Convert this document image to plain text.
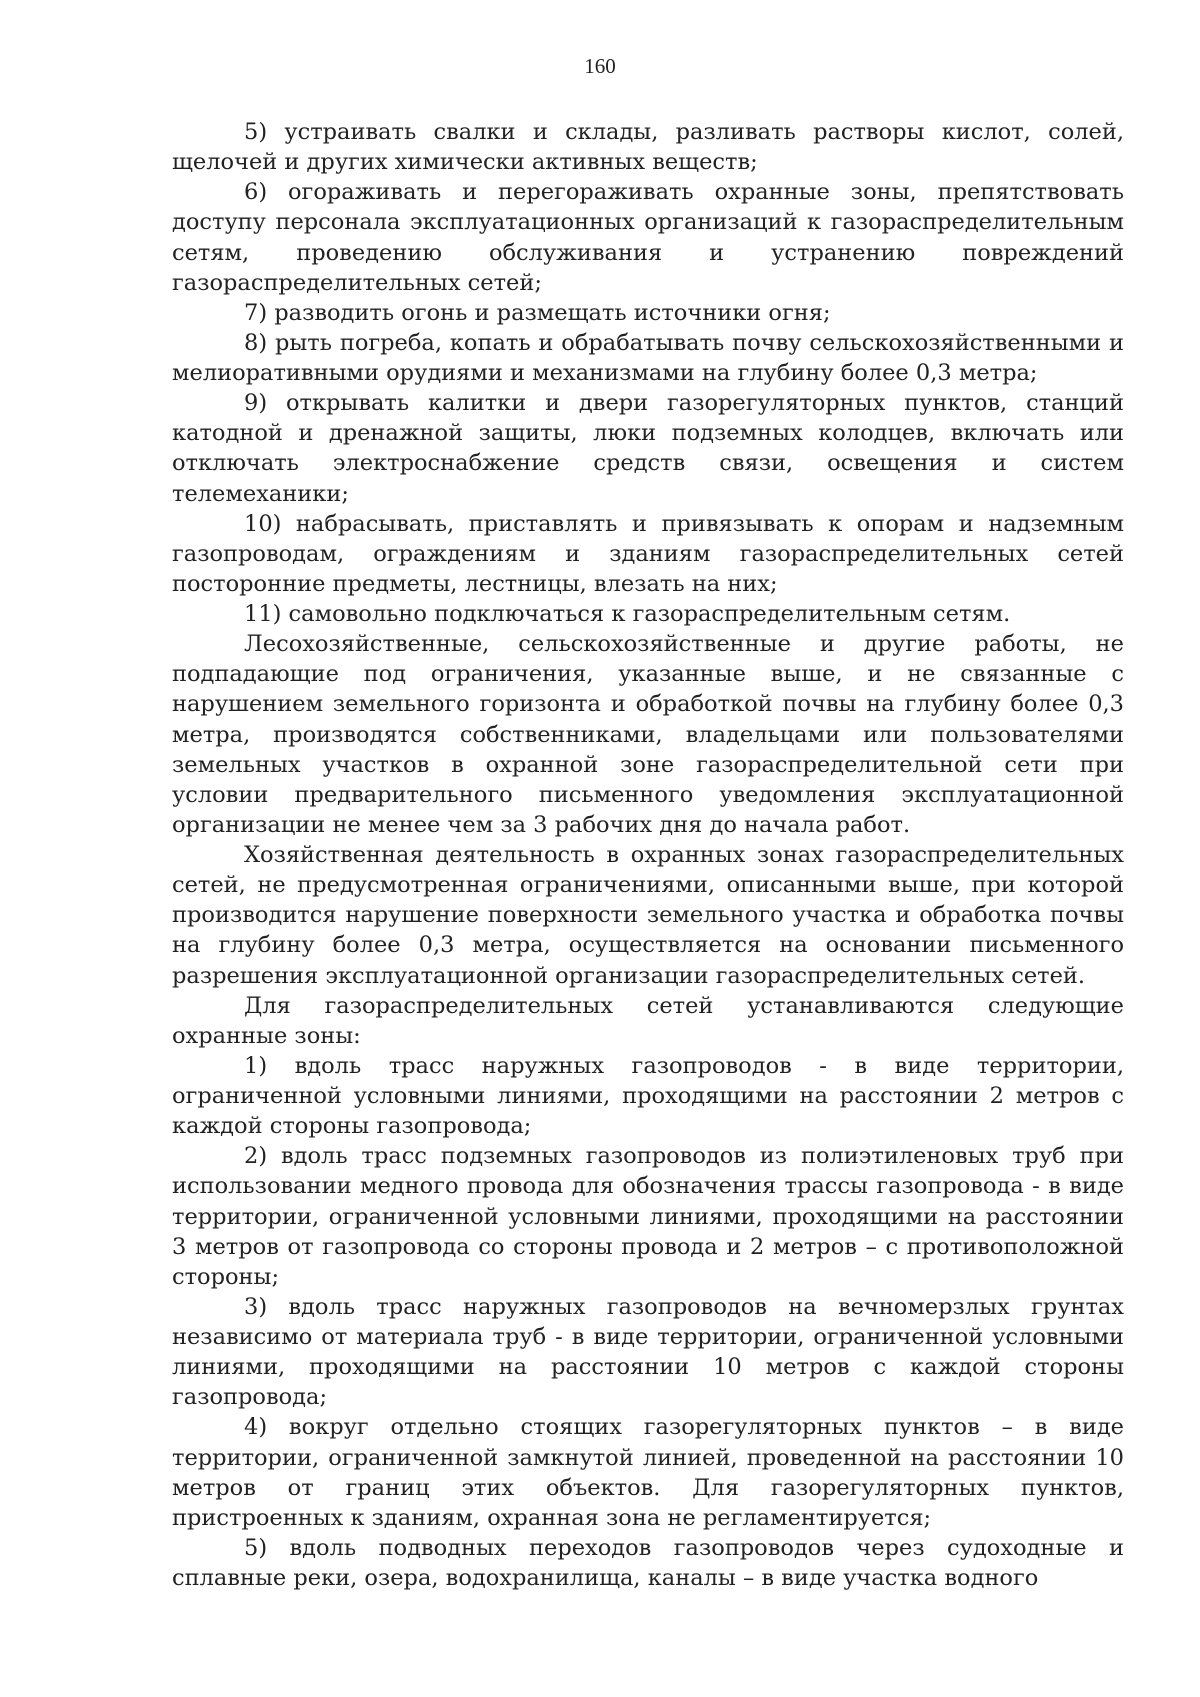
160

5) устраивать свалки и склады, разливать растворы кислот, солей, щелочей и других химически активных веществ;

6) огораживать и перегораживать охранные зоны, препятствовать доступу персонала эксплуатационных организаций к газораспределительным сетям, проведению обслуживания и устранению повреждений газораспределительных сетей;

7) разводить огонь и размещать источники огня;

8) рыть погреба, копать и обрабатывать почву сельскохозяйственными и мелиоративными орудиями и механизмами на глубину более 0,3 метра;

9) открывать калитки и двери газорегуляторных пунктов, станций катодной и дренажной защиты, люки подземных колодцев, включать или отключать электроснабжение средств связи, освещения и систем телемеханики;

10) набрасывать, приставлять и привязывать к опорам и надземным газопроводам, ограждениям и зданиям газораспределительных сетей посторонние предметы, лестницы, влезать на них;

11) самовольно подключаться к газораспределительным сетям.

Лесохозяйственные, сельскохозяйственные и другие работы, не подпадающие под ограничения, указанные выше, и не связанные с нарушением земельного горизонта и обработкой почвы на глубину более 0,3 метра, производятся собственниками, владельцами или пользователями земельных участков в охранной зоне газораспределительной сети при условии предварительного письменного уведомления эксплуатационной организации не менее чем за 3 рабочих дня до начала работ.

Хозяйственная деятельность в охранных зонах газораспределительных сетей, не предусмотренная ограничениями, описанными выше, при которой производится нарушение поверхности земельного участка и обработка почвы на глубину более 0,3 метра, осуществляется на основании письменного разрешения эксплуатационной организации газораспределительных сетей.

Для газораспределительных сетей устанавливаются следующие охранные зоны:

1) вдоль трасс наружных газопроводов - в виде территории, ограниченной условными линиями, проходящими на расстоянии 2 метров с каждой стороны газопровода;

2) вдоль трасс подземных газопроводов из полиэтиленовых труб при использовании медного провода для обозначения трассы газопровода - в виде территории, ограниченной условными линиями, проходящими на расстоянии 3 метров от газопровода со стороны провода и 2 метров – с противоположной стороны;

3) вдоль трасс наружных газопроводов на вечномерзлых грунтах независимо от материала труб - в виде территории, ограниченной условными линиями, проходящими на расстоянии 10 метров с каждой стороны газопровода;

4) вокруг отдельно стоящих газорегуляторных пунктов – в виде территории, ограниченной замкнутой линией, проведенной на расстоянии 10 метров от границ этих объектов. Для газорегуляторных пунктов, пристроенных к зданиям, охранная зона не регламентируется;

5) вдоль подводных переходов газопроводов через судоходные и сплавные реки, озера, водохранилища, каналы – в виде участка водного
